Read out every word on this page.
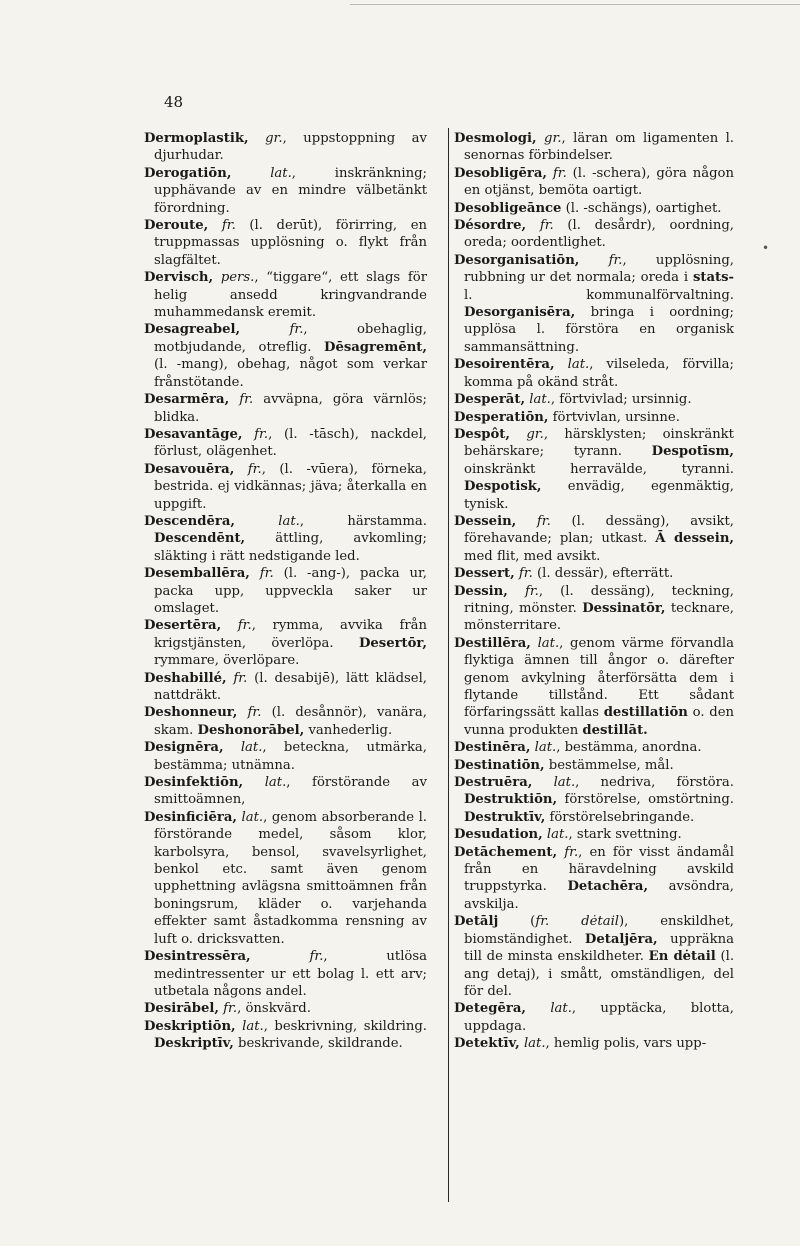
48
•

Dermoplastik, gr., uppstoppning av djurhudar.

Derogatiōn,	lat., inskränkning; upphävande av en mindre välbetänkt förordning.

Deroute, fr. (l. derūt), förirring, en truppmassas upplösning o. flykt från slagfältet.

Dervisch, pers., “tiggare“, ett slags för helig ansedd kringvandrande muhammedansk eremit.

Desagreabel,	fr., obehaglig, motbjudande, otreflig. Dēsagremēnt, (l. -mang), obehag, något som verkar frånstötande.

Desarmēra, fr. avväpna, göra värnlös; blidka.

Desavantāge, fr., (l. -tāsch), nackdel, förlust, olägenhet.

Desavouēra, fr., (l. -vūera), förneka, bestrida. ej vidkännas; jäva; återkalla en uppgift.

Descendēra,	lat., härstamma. Descendēnt, ättling, avkomling; släkting i rätt nedstigande led.

Desemballēra, fr. (l. -ang-), packa ur, packa upp, uppveckla saker ur omslaget.

Desertēra, fr., rymma, avvika från krigstjänsten, överlöpa. Desertōr, rymmare, överlöpare.

Deshabillé, fr. (l. desabijē), lätt klädsel, nattdräkt.

Deshonneur, fr. (l. desånnör), vanära, skam. Deshonorābel, vanhederlig.

Designēra, lat., beteckna, utmärka, bestämma; utnämna.

Desinfektiōn, lat., förstörande av smittoämnen,

Desinficiēra, lat., genom absorberande l. förstörande medel, såsom klor, karbolsyra, bensol, svavelsyrlighet, benkol etc. samt även genom upphettning avlägsna smittoämnen från boningsrum, kläder o. varjehanda effekter samt åstadkomma rensning av luft o. dricksvatten.

Desintressēra,	fr., utlösa medintressenter ur ett bolag l. ett arv; utbetala någons andel.

Desirābel, fr., önskvärd.

Deskriptiōn, lat., beskrivning, skildring. Deskriptīv, beskrivande, skildrande.

Desmologi, gr., läran om ligamenten l. senornas förbindelser.

Desobligēra, fr. (l. -schera), göra någon en otjänst, bemöta oartigt.

Desobligeānce (l. -schängs), oartighet.

Désordre, fr. (l. desårdr), oordning, oreda; oordentlighet.

Desorganisatiōn, fr., upplösning, rubbning ur det normala; oreda i stats- l. kommunalförvaltning. Desorganisēra, bringa i oordning; upplösa l. förstöra en organisk sammansättning.

Desoirentēra, lat., vilseleda, förvilla; komma på okänd stråt.

Desperāt, lat., förtvivlad; ursinnig.

Desperatiōn, förtvivlan, ursinne.

Despôt, gr., härsklysten; oinskränkt behärskare; tyrann. Despotīsm, oinskränkt herravälde, tyranni. Despotisk, envädig, egenmäktig, tynisk.

Dessein, fr. (l. dessäng), avsikt, förehavande; plan; utkast. Ā dessein, med flit, med avsikt.

Dessert, fr. (l. dessär), efterrätt.

Dessin, fr., (l. dessäng), teckning, ritning, mönster. Dessinatōr, tecknare, mönsterritare.

Destillēra, lat., genom värme förvandla flyktiga ämnen till ångor o. därefter genom avkylning återförsätta dem i flytande tillstånd. Ett sådant förfaringssätt kallas destillatiōn o. den vunna produkten destillāt.

Destinēra, lat., bestämma, anordna.

Destinatiōn, bestämmelse, mål.

Destruēra, lat., nedriva, förstöra. Destruktiōn, förstörelse, omstörtning. Destruktīv, förstörelsebringande.

Desudation, lat., stark svettning.

Detāchement, fr., en för visst ändamål från en häravdelning avskild truppstyrka. Detachēra, avsöndra, avskilja.

Detālj (fr. dėtail), enskildhet, biomständighet. Detaljēra, uppräkna till de minsta enskildheter. En dėtail (l. ang detaj), i smått, omständligen, del för del.

Detegēra, lat., upptäcka, blotta, uppdaga.

Detektīv, lat., hemlig polis, vars upp-
